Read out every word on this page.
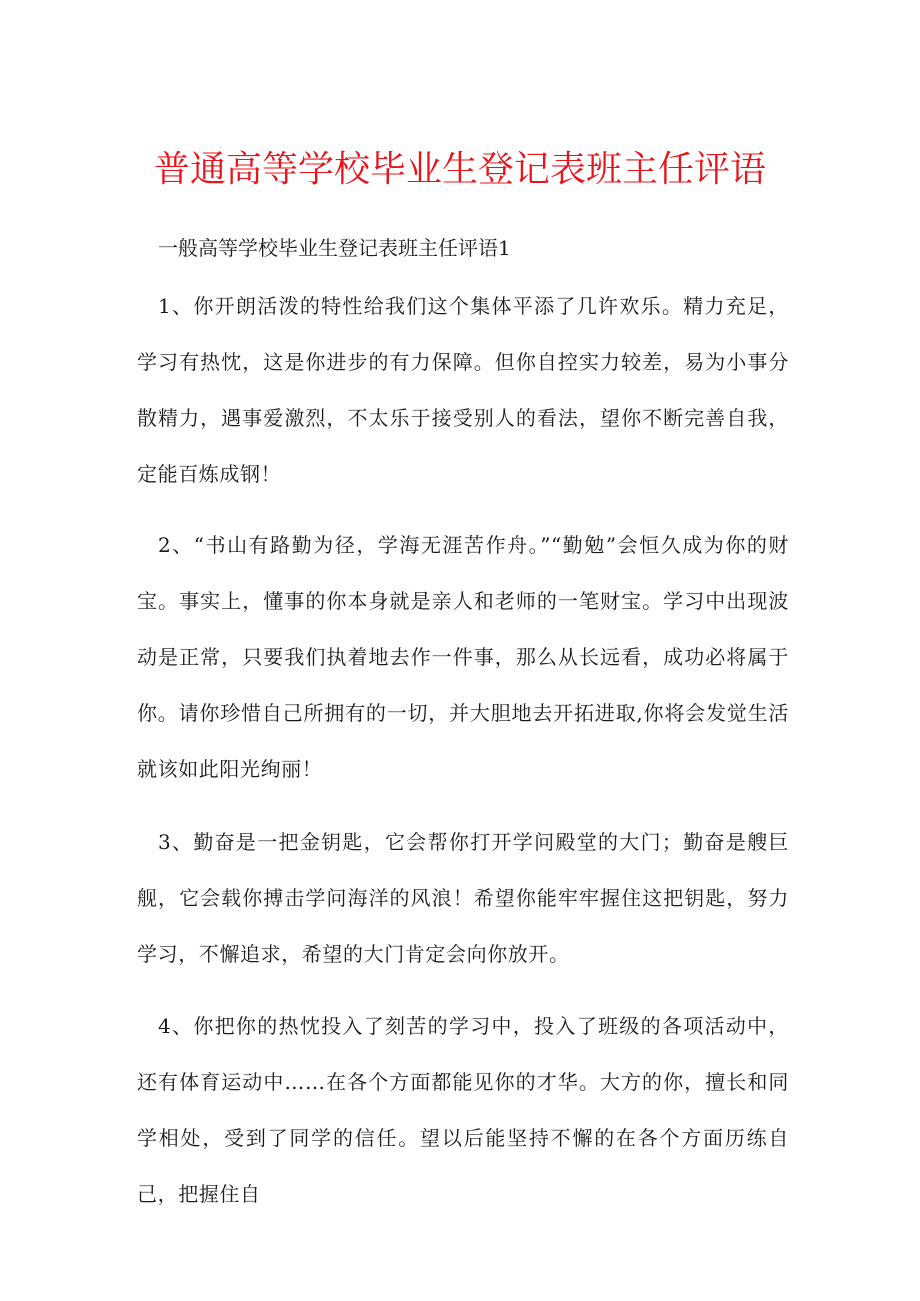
普通高等学校毕业生登记表班主任评语

一般高等学校毕业生登记表班主任评语1

1、你开朗活泼的特性给我们这个集体平添了几许欢乐。精力充足，学习有热忱，这是你进步的有力保障。但你自控实力较差，易为小事分散精力，遇事爱激烈，不太乐于接受别人的看法，望你不断完善自我，定能百炼成钢！

2、“书山有路勤为径，学海无涯苦作舟。”“勤勉”会恒久成为你的财宝。事实上，懂事的你本身就是亲人和老师的一笔财宝。学习中出现波动是正常，只要我们执着地去作一件事，那么从长远看，成功必将属于你。请你珍惜自己所拥有的一切，并大胆地去开拓进取,你将会发觉生活就该如此阳光绚丽！

3、勤奋是一把金钥匙，它会帮你打开学问殿堂的大门；勤奋是艘巨舰，它会载你搏击学问海洋的风浪！希望你能牢牢握住这把钥匙，努力学习，不懈追求，希望的大门肯定会向你放开。

4、你把你的热忱投入了刻苦的学习中，投入了班级的各项活动中，还有体育运动中……在各个方面都能见你的才华。大方的你，擅长和同学相处，受到了同学的信任。望以后能坚持不懈的在各个方面历练自己，把握住自
